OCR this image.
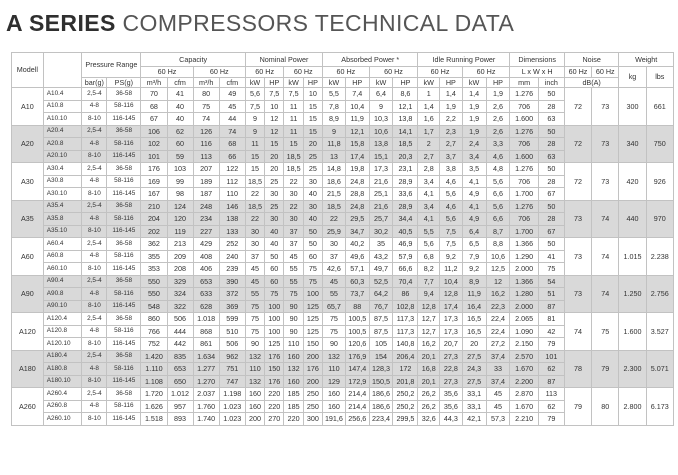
A SERIES COMPRESSORS TECHNICAL DATA
Modell		Pressure Range		Capacity				Nominal Power				Absorbed Power *				Idle Running Power				Dimensions		Noise		Weight	
				60 Hz		60 Hz		60 Hz		60 Hz		60 Hz		60 Hz		60 Hz		60 Hz		L x W x H		60 Hz	60 Hz	kg	lbs
		bar(g)	PS(g)	m³/h	cfm	m³/h	cfm	kW	HP	kW	HP	kW	HP	kW	HP	kW	HP	kW	HP	mm	inch	dB(A)			
A10	A10.4	2,5-4	36-58	70	41	80	49	5,6	7,5	7,5	10	5,5	7,4	6,4	8,6	1	1,4	1,4	1,9	1.276	50	72	73	300	661
	A10.8	4-8	58-116	68	40	75	45	7,5	10	11	15	7,8	10,4	9	12,1	1,4	1,9	1,9	2,6	706	28				
	A10.10	8-10	116-145	67	40	74	44	9	12	11	15	8,9	11,9	10,3	13,8	1,6	2,2	1,9	2,6	1.600	63				
A20	A20.4	2,5-4	36-58	106	62	126	74	9	12	11	15	9	12,1	10,6	14,1	1,7	2,3	1,9	2,6	1.276	50	72	73	340	750
	A20.8	4-8	58-116	102	60	116	68	11	15	15	20	11,8	15,8	13,8	18,5	2	2,7	2,4	3,3	706	28				
	A20.10	8-10	116-145	101	59	113	66	15	20	18,5	25	13	17,4	15,1	20,3	2,7	3,7	3,4	4,6	1.600	63				
A30	A30.4	2,5-4	36-58	176	103	207	122	15	20	18,5	25	14,8	19,8	17,3	23,1	2,8	3,8	3,5	4,8	1.276	50	72	73	420	926
	A30.8	4-8	58-116	169	99	189	112	18,5	25	22	30	18,6	24,8	21,6	28,9	3,4	4,6	4,1	5,6	706	28				
	A30.10	8-10	116-145	167	98	187	110	22	30	30	40	21,5	28,8	25,1	33,6	4,1	5,6	4,9	6,6	1.700	67				
A35	A35.4	2,5-4	36-58	210	124	248	146	18,5	25	22	30	18,5	24,8	21,6	28,9	3,4	4,6	4,1	5,6	1.276	50	73	74	440	970
	A35.8	4-8	58-116	204	120	234	138	22	30	30	40	22	29,5	25,7	34,4	4,1	5,6	4,9	6,6	706	28				
	A35.10	8-10	116-145	202	119	227	133	30	40	37	50	25,9	34,7	30,2	40,5	5,5	7,5	6,4	8,7	1.700	67				
A60	A60.4	2,5-4	36-58	362	213	429	252	30	40	37	50	30	40,2	35	46,9	5,6	7,5	6,5	8,8	1.366	50	73	74	1.015	2.238
	A60.8	4-8	58-116	355	209	408	240	37	50	45	60	37	49,6	43,2	57,9	6,8	9,2	7,9	10,6	1.290	41				
	A60.10	8-10	116-145	353	208	406	239	45	60	55	75	42,6	57,1	49,7	66,6	8,2	11,2	9,2	12,5	2.000	75				
A90	A90.4	2,5-4	36-58	550	329	653	390	45	60	55	75	45	60,3	52,5	70,4	7,7	10,4	8,9	12	1.366	54	73	74	1.250	2.756
	A90.8	4-8	58-116	550	324	633	372	55	75	75	100	55	73,7	64,2	86	9,4	12,8	11,9	16,2	1.280	51				
	A90.10	8-10	116-145	548	322	628	369	75	100	90	125	65,7	88	76,7	102,8	12,8	17,4	16,4	22,3	2.000	87				
A120	A120.4	2,5-4	36-58	860	506	1.018	599	75	100	90	125	75	100,5	87,5	117,3	12,7	17,3	16,5	22,4	2.065	81	74	75	1.600	3.527
	A120.8	4-8	58-116	766	444	868	510	75	100	90	125	75	100,5	87,5	117,3	12,7	17,3	16,5	22,4	1.090	42				
	A120.10	8-10	116-145	752	442	861	506	90	125	110	150	90	120,6	105	140,8	16,2	20,7	20	27,2	2.150	79				
A180	A180.4	2,5-4	36-58	1.420	835	1.634	962	132	176	160	200	132	176,9	154	206,4	20,1	27,3	27,5	37,4	2.570	101	78	79	2.300	5.071
	A180.8	4-8	58-116	1.110	653	1.277	751	110	150	132	176	110	147,4	128,3	172	16,8	22,8	24,3	33	1.670	62				
	A180.10	8-10	116-145	1.108	650	1.270	747	132	176	160	200	129	172,9	150,5	201,8	20,1	27,3	27,5	37,4	2.200	87				
A260	A260.4	2,5-4	36-58	1.720	1.012	2.037	1.198	160	220	185	250	160	214,4	186,6	250,2	26,2	35,6	33,1	45	2.870	113	79	80	2.800	6.173
	A260.8	4-8	58-116	1.626	957	1.760	1.023	160	220	185	250	160	214,4	186,6	250,2	26,2	35,6	33,1	45	1.670	62				
	A260.10	8-10	116-145	1.518	893	1.740	1.023	200	270	220	300	191,6	256,6	223,4	299,5	32,6	44,3	42,1	57,3	2.210	79				
